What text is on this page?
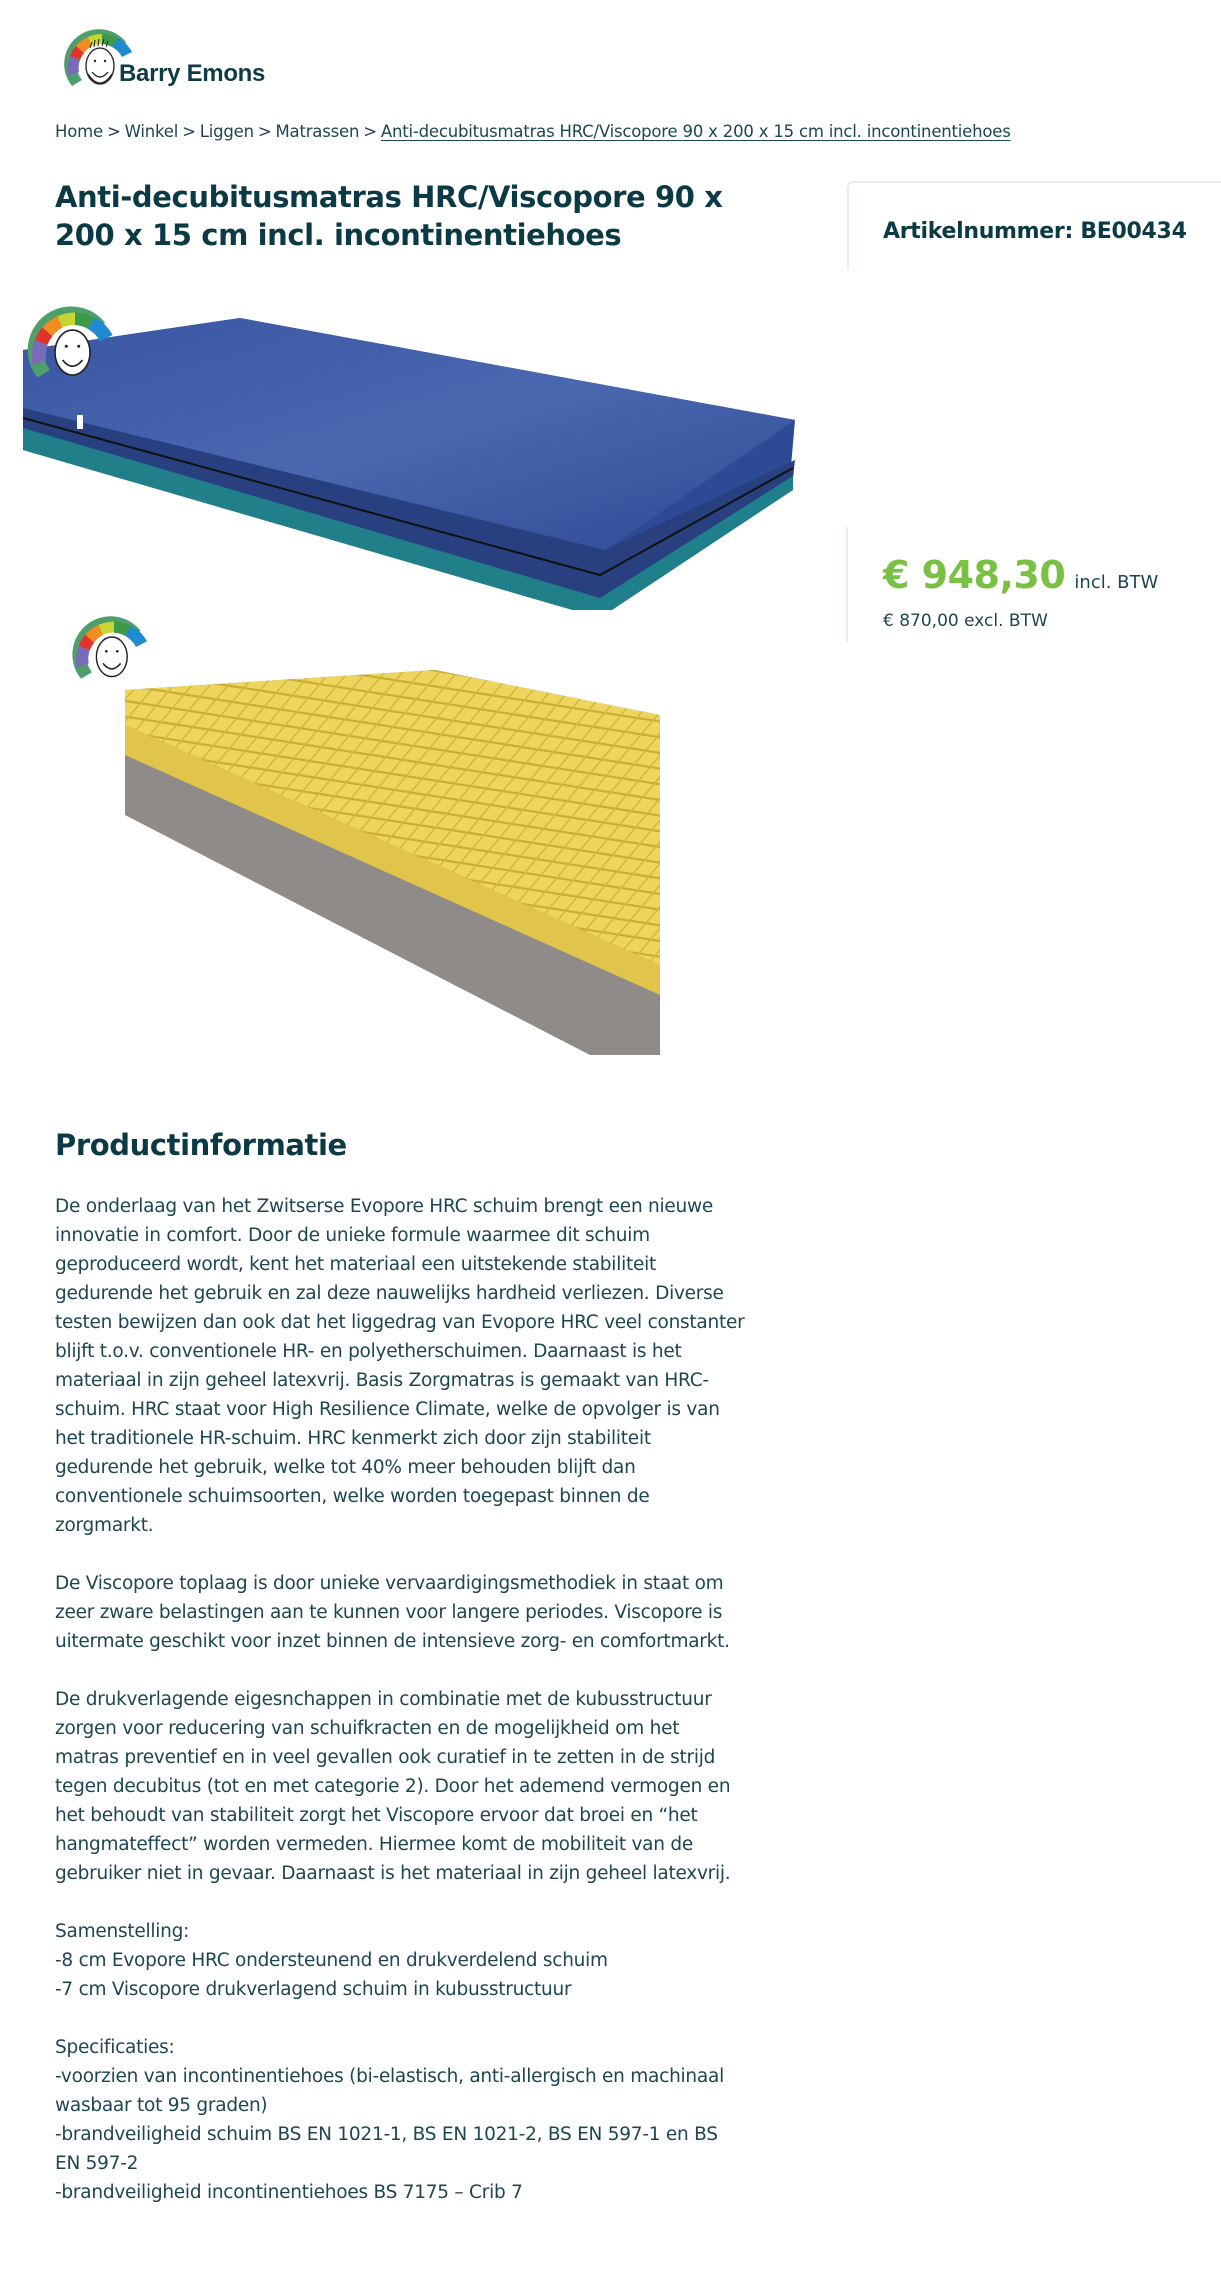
Barry Emons
Home > Winkel > Liggen > Matrassen > Anti-decubitusmatras HRC/Viscopore 90 x 200 x 15 cm incl. incontinentiehoes
Anti-decubitusmatras HRC/Viscopore 90 x 200 x 15 cm incl. incontinentiehoes	Artikelnummer: BE00434
€ 948,30 incl. BTW
€ 870,00 excl. BTW
Productinformatie

De onderlaag van het Zwitserse Evopore HRC schuim brengt een nieuwe innovatie in comfort. Door de unieke formule waarmee dit schuim geproduceerd wordt, kent het materiaal een uitstekende stabiliteit gedurende het gebruik en zal deze nauwelijks hardheid verliezen. Diverse testen bewijzen dan ook dat het liggedrag van Evopore HRC veel constanter blijft t.o.v. conventionele HR- en polyetherschuimen. Daarnaast is het materiaal in zijn geheel latexvrij. Basis Zorgmatras is gemaakt van HRC-schuim. HRC staat voor High Resilience Climate, welke de opvolger is van het traditionele HR-schuim. HRC kenmerkt zich door zijn stabiliteit gedurende het gebruik, welke tot 40% meer behouden blijft dan conventionele schuimsoorten, welke worden toegepast binnen de zorgmarkt.

De Viscopore toplaag is door unieke vervaardigingsmethodiek in staat om zeer zware belastingen aan te kunnen voor langere periodes. Viscopore is uitermate geschikt voor inzet binnen de intensieve zorg- en comfortmarkt.

De drukverlagende eigesnchappen in combinatie met de kubusstructuur zorgen voor reducering van schuifkracten en de mogelijkheid om het matras preventief en in veel gevallen ook curatief in te zetten in de strijd tegen decubitus (tot en met categorie 2). Door het ademend vermogen en het behoudt van stabiliteit zorgt het Viscopore ervoor dat broei en “het hangmateffect” worden vermeden. Hiermee komt de mobiliteit van de gebruiker niet in gevaar. Daarnaast is het materiaal in zijn geheel latexvrij.

Samenstelling:

-8 cm Evopore HRC ondersteunend en drukverdelend schuim

-7 cm Viscopore drukverlagend schuim in kubusstructuur

Specificaties:

-voorzien van incontinentiehoes (bi-elastisch, anti-allergisch en machinaal wasbaar tot 95 graden)

-brandveiligheid schuim BS EN 1021-1, BS EN 1021-2, BS EN 597-1 en BS EN 597-2

-brandveiligheid incontinentiehoes BS 7175 – Crib 7
